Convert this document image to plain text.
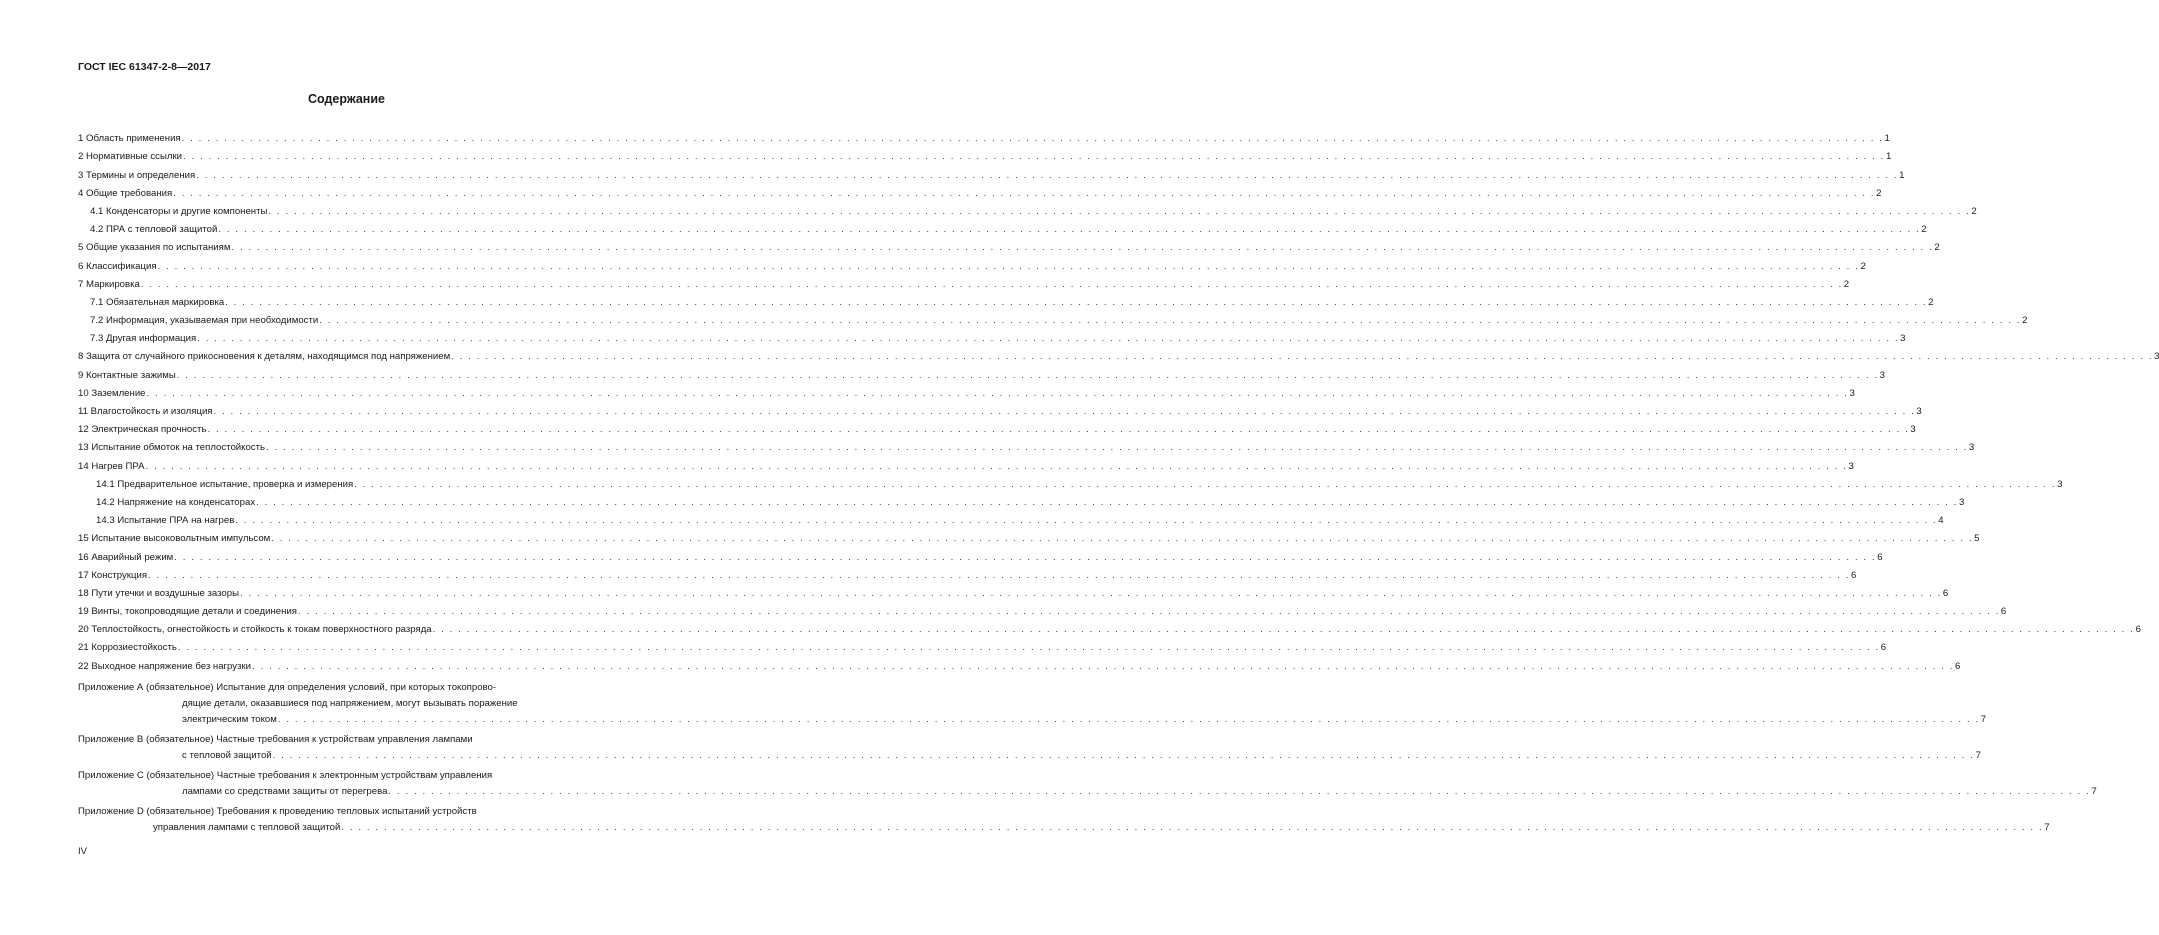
ГОСТ IEC 61347-2-8—2017
Содержание
1 Область применения . . . . . . . . . . . . . . . . . . . . . . . . . . . . . . . . . . . . . . . . . . . . . . . . . . . . . . . . . . . . . . . . . . . . . . . . . . . . . . . . . . . . . . . . . . . . . . . . . . . . . . . . . . . . . . . . . . . . . . . . . . . . . . . . . . . . . . . . . . . . . . . . . . . . . . . . . . . . . . . . . . . . . . . . . . . . . . . . . . . . . . . . . . . . . . . . . . . . . . . . 1
2 Нормативные ссылки . . . . . . . . . . . . . . . . . . . . . . . . . . . . . . . . . . . . . . . . . . . . . . . . . . . . . . . . . . . . . . . . . . . . . . . . . . . . . . . . . . . . . . . . . . . . . . . . . . . . . . . . . . . . . . . . . . . . . . . . . . . . . . . . . . . . . . . . . . . . . . . . . . . . . . . . . . . . . . . . . . . . . . . . . . . . . . . . . . . . . . . . . . . . . . . . . . . . . . . . 1
3 Термины и определения . . . . . . . . . . . . . . . . . . . . . . . . . . . . . . . . . . . . . . . . . . . . . . . . . . . . . . . . . . . . . . . . . . . . . . . . . . . . . . . . . . . . . . . . . . . . . . . . . . . . . . . . . . . . . . . . . . . . . . . . . . . . . . . . . . . . . . . . . . . . . . . . . . . . . . . . . . . . . . . . . . . . . . . . . . . . . . . . . . . . . . . . . . . . . . . . . . . . . . . . 1
4 Общие требования . . . . . . . . . . . . . . . . . . . . . . . . . . . . . . . . . . . . . . . . . . . . . . . . . . . . . . . . . . . . . . . . . . . . . . . . . . . . . . . . . . . . . . . . . . . . . . . . . . . . . . . . . . . . . . . . . . . . . . . . . . . . . . . . . . . . . . . . . . . . . . . . . . . . . . . . . . . . . . . . . . . . . . . . . . . . . . . . . . . . . . . . . . . . . . . . . . . . . . . . 2
4.1 Конденсаторы и другие компоненты . . . . . . . . . . . . . . . . . . . . . . . . . . . . . . . . . . . . . . . . . . . . . . . . . . . . . . . . . . . . . . . . . . . . . . . . . . . . . . . . . . . . . . . . . . . . . . . . . . . . . . . . . . . . . . . . . . . . . . . . . . . . . . . . . . . . . . . . . . . . . . . . . . . . . . . . . . . . . . . . . . . . . . . . . . . . . . . . . . . . . . . . . . . . . . . . . . . . . . . . 2
4.2 ПРА с тепловой защитой . . . . . . . . . . . . . . . . . . . . . . . . . . . . . . . . . . . . . . . . . . . . . . . . . . . . . . . . . . . . . . . . . . . . . . . . . . . . . . . . . . . . . . . . . . . . . . . . . . . . . . . . . . . . . . . . . . . . . . . . . . . . . . . . . . . . . . . . . . . . . . . . . . . . . . . . . . . . . . . . . . . . . . . . . . . . . . . . . . . . . . . . . . . . . . . . . . . . . . . . 2
5 Общие указания по испытаниям . . . . . . . . . . . . . . . . . . . . . . . . . . . . . . . . . . . . . . . . . . . . . . . . . . . . . . . . . . . . . . . . . . . . . . . . . . . . . . . . . . . . . . . . . . . . . . . . . . . . . . . . . . . . . . . . . . . . . . . . . . . . . . . . . . . . . . . . . . . . . . . . . . . . . . . . . . . . . . . . . . . . . . . . . . . . . . . . . . . . . . . . . . . . . . . . . . . . . . . . 2
6 Классификация . . . . . . . . . . . . . . . . . . . . . . . . . . . . . . . . . . . . . . . . . . . . . . . . . . . . . . . . . . . . . . . . . . . . . . . . . . . . . . . . . . . . . . . . . . . . . . . . . . . . . . . . . . . . . . . . . . . . . . . . . . . . . . . . . . . . . . . . . . . . . . . . . . . . . . . . . . . . . . . . . . . . . . . . . . . . . . . . . . . . . . . . . . . . . . . . . . . . . . . . 2
7 Маркировка . . . . . . . . . . . . . . . . . . . . . . . . . . . . . . . . . . . . . . . . . . . . . . . . . . . . . . . . . . . . . . . . . . . . . . . . . . . . . . . . . . . . . . . . . . . . . . . . . . . . . . . . . . . . . . . . . . . . . . . . . . . . . . . . . . . . . . . . . . . . . . . . . . . . . . . . . . . . . . . . . . . . . . . . . . . . . . . . . . . . . . . . . . . . . . . . . . . . . . . . 2
7.1 Обязательная маркировка . . . . . . . . . . . . . . . . . . . . . . . . . . . . . . . . . . . . . . . . . . . . . . . . . . . . . . . . . . . . . . . . . . . . . . . . . . . . . . . . . . . . . . . . . . . . . . . . . . . . . . . . . . . . . . . . . . . . . . . . . . . . . . . . . . . . . . . . . . . . . . . . . . . . . . . . . . . . . . . . . . . . . . . . . . . . . . . . . . . . . . . . . . . . . . . . . . . . . . . . 2
7.2 Информация, указываемая при необходимости . . . . . . . . . . . . . . . . . . . . . . . . . . . . . . . . . . . . . . . . . . . . . . . . . . . . . . . . . . . . . . . . . . . . . . . . . . . . . . . . . . . . . . . . . . . . . . . . . . . . . . . . . . . . . . . . . . . . . . . . . . . . . . . . . . . . . . . . . . . . . . . . . . . . . . . . . . . . . . . . . . . . . . . . . . . . . . . . . . . . . . . . . . . . . . . . . . . . . . . . 2
7.3 Другая информация . . . . . . . . . . . . . . . . . . . . . . . . . . . . . . . . . . . . . . . . . . . . . . . . . . . . . . . . . . . . . . . . . . . . . . . . . . . . . . . . . . . . . . . . . . . . . . . . . . . . . . . . . . . . . . . . . . . . . . . . . . . . . . . . . . . . . . . . . . . . . . . . . . . . . . . . . . . . . . . . . . . . . . . . . . . . . . . . . . . . . . . . . . . . . . . . . . . . . . . . 3
8 Защита от случайного прикосновения к деталям, находящимся под напряжением . . . . . . . . . . . . . . . . . . . . . . . . . . . . . . . . . . . . . . . . . . . . . . . . . . . . . . . . . . . . . . . . . . . . . . . . . . . . . . . . . . . . . . . . . . . . . . . . . . . . . . . . . . . . . . . . . . . . . . . . . . . . . . . . . . . . . . . . . . . . . . . . . . . . . . . . . . . . . . . . . . . . . . . . . . . . . . . . . . . . . . . . . . . . . . . . . . . . . . . . 3
9 Контактные зажимы . . . . . . . . . . . . . . . . . . . . . . . . . . . . . . . . . . . . . . . . . . . . . . . . . . . . . . . . . . . . . . . . . . . . . . . . . . . . . . . . . . . . . . . . . . . . . . . . . . . . . . . . . . . . . . . . . . . . . . . . . . . . . . . . . . . . . . . . . . . . . . . . . . . . . . . . . . . . . . . . . . . . . . . . . . . . . . . . . . . . . . . . . . . . . . . . . . . . . . . . 3
10 Заземление . . . . . . . . . . . . . . . . . . . . . . . . . . . . . . . . . . . . . . . . . . . . . . . . . . . . . . . . . . . . . . . . . . . . . . . . . . . . . . . . . . . . . . . . . . . . . . . . . . . . . . . . . . . . . . . . . . . . . . . . . . . . . . . . . . . . . . . . . . . . . . . . . . . . . . . . . . . . . . . . . . . . . . . . . . . . . . . . . . . . . . . . . . . . . . . . . . . . . . . . 3
11 Влагостойкость и изоляция . . . . . . . . . . . . . . . . . . . . . . . . . . . . . . . . . . . . . . . . . . . . . . . . . . . . . . . . . . . . . . . . . . . . . . . . . . . . . . . . . . . . . . . . . . . . . . . . . . . . . . . . . . . . . . . . . . . . . . . . . . . . . . . . . . . . . . . . . . . . . . . . . . . . . . . . . . . . . . . . . . . . . . . . . . . . . . . . . . . . . . . . . . . . . . . . . . . . . . . . 3
12 Электрическая прочность . . . . . . . . . . . . . . . . . . . . . . . . . . . . . . . . . . . . . . . . . . . . . . . . . . . . . . . . . . . . . . . . . . . . . . . . . . . . . . . . . . . . . . . . . . . . . . . . . . . . . . . . . . . . . . . . . . . . . . . . . . . . . . . . . . . . . . . . . . . . . . . . . . . . . . . . . . . . . . . . . . . . . . . . . . . . . . . . . . . . . . . . . . . . . . . . . . . . . . . . 3
13 Испытание обмоток на теплостойкость . . . . . . . . . . . . . . . . . . . . . . . . . . . . . . . . . . . . . . . . . . . . . . . . . . . . . . . . . . . . . . . . . . . . . . . . . . . . . . . . . . . . . . . . . . . . . . . . . . . . . . . . . . . . . . . . . . . . . . . . . . . . . . . . . . . . . . . . . . . . . . . . . . . . . . . . . . . . . . . . . . . . . . . . . . . . . . . . . . . . . . . . . . . . . . . . . . . . . . . . 3
14 Нагрев ПРА . . . . . . . . . . . . . . . . . . . . . . . . . . . . . . . . . . . . . . . . . . . . . . . . . . . . . . . . . . . . . . . . . . . . . . . . . . . . . . . . . . . . . . . . . . . . . . . . . . . . . . . . . . . . . . . . . . . . . . . . . . . . . . . . . . . . . . . . . . . . . . . . . . . . . . . . . . . . . . . . . . . . . . . . . . . . . . . . . . . . . . . . . . . . . . . . . . . . . . . . 3
14.1 Предварительное испытание, проверка и измерения . . . . . . . . . . . . . . . . . . . . . . . . . . . . . . . . . . . . . . . . . . . . . . . . . . . . . . . . . . . . . . . . . . . . . . . . . . . . . . . . . . . . . . . . . . . . . . . . . . . . . . . . . . . . . . . . . . . . . . . . . . . . . . . . . . . . . . . . . . . . . . . . . . . . . . . . . . . . . . . . . . . . . . . . . . . . . . . . . . . . . . . . . . . . . . . . . . . . . . . . 3
14.2 Напряжение на конденсаторах . . . . . . . . . . . . . . . . . . . . . . . . . . . . . . . . . . . . . . . . . . . . . . . . . . . . . . . . . . . . . . . . . . . . . . . . . . . . . . . . . . . . . . . . . . . . . . . . . . . . . . . . . . . . . . . . . . . . . . . . . . . . . . . . . . . . . . . . . . . . . . . . . . . . . . . . . . . . . . . . . . . . . . . . . . . . . . . . . . . . . . . . . . . . . . . . . . . . . . . . 3
14.3 Испытание ПРА на нагрев . . . . . . . . . . . . . . . . . . . . . . . . . . . . . . . . . . . . . . . . . . . . . . . . . . . . . . . . . . . . . . . . . . . . . . . . . . . . . . . . . . . . . . . . . . . . . . . . . . . . . . . . . . . . . . . . . . . . . . . . . . . . . . . . . . . . . . . . . . . . . . . . . . . . . . . . . . . . . . . . . . . . . . . . . . . . . . . . . . . . . . . . . . . . . . . . . . . . . . . . 4
15 Испытание высоковольтным импульсом . . . . . . . . . . . . . . . . . . . . . . . . . . . . . . . . . . . . . . . . . . . . . . . . . . . . . . . . . . . . . . . . . . . . . . . . . . . . . . . . . . . . . . . . . . . . . . . . . . . . . . . . . . . . . . . . . . . . . . . . . . . . . . . . . . . . . . . . . . . . . . . . . . . . . . . . . . . . . . . . . . . . . . . . . . . . . . . . . . . . . . . . . . . . . . . . . . . . . . . . 5
16 Аварийный режим . . . . . . . . . . . . . . . . . . . . . . . . . . . . . . . . . . . . . . . . . . . . . . . . . . . . . . . . . . . . . . . . . . . . . . . . . . . . . . . . . . . . . . . . . . . . . . . . . . . . . . . . . . . . . . . . . . . . . . . . . . . . . . . . . . . . . . . . . . . . . . . . . . . . . . . . . . . . . . . . . . . . . . . . . . . . . . . . . . . . . . . . . . . . . . . . . . . . . . . . 6
17 Конструкция . . . . . . . . . . . . . . . . . . . . . . . . . . . . . . . . . . . . . . . . . . . . . . . . . . . . . . . . . . . . . . . . . . . . . . . . . . . . . . . . . . . . . . . . . . . . . . . . . . . . . . . . . . . . . . . . . . . . . . . . . . . . . . . . . . . . . . . . . . . . . . . . . . . . . . . . . . . . . . . . . . . . . . . . . . . . . . . . . . . . . . . . . . . . . . . . . . . . . . . . 6
18 Пути утечки и воздушные зазоры . . . . . . . . . . . . . . . . . . . . . . . . . . . . . . . . . . . . . . . . . . . . . . . . . . . . . . . . . . . . . . . . . . . . . . . . . . . . . . . . . . . . . . . . . . . . . . . . . . . . . . . . . . . . . . . . . . . . . . . . . . . . . . . . . . . . . . . . . . . . . . . . . . . . . . . . . . . . . . . . . . . . . . . . . . . . . . . . . . . . . . . . . . . . . . . . . . . . . . . . 6
19 Винты, токопроводящие детали и соединения . . . . . . . . . . . . . . . . . . . . . . . . . . . . . . . . . . . . . . . . . . . . . . . . . . . . . . . . . . . . . . . . . . . . . . . . . . . . . . . . . . . . . . . . . . . . . . . . . . . . . . . . . . . . . . . . . . . . . . . . . . . . . . . . . . . . . . . . . . . . . . . . . . . . . . . . . . . . . . . . . . . . . . . . . . . . . . . . . . . . . . . . . . . . . . . . . . . . . . . . 6
20 Теплостойкость, огнестойкость и стойкость к токам поверхностного разряда . . . . . . . . . . . . . . . . . . . . . . . . . . . . . . . . . . . . . . . . . . . . . . . . . . . . . . . . . . . . . . . . . . . . . . . . . . . . . . . . . . . . . . . . . . . . . . . . . . . . . . . . . . . . . . . . . . . . . . . . . . . . . . . . . . . . . . . . . . . . . . . . . . . . . . . . . . . . . . . . . . . . . . . . . . . . . . . . . . . . . . . . . . . . . . . . . . . . . . . . 6
21 Коррозиестойкость . . . . . . . . . . . . . . . . . . . . . . . . . . . . . . . . . . . . . . . . . . . . . . . . . . . . . . . . . . . . . . . . . . . . . . . . . . . . . . . . . . . . . . . . . . . . . . . . . . . . . . . . . . . . . . . . . . . . . . . . . . . . . . . . . . . . . . . . . . . . . . . . . . . . . . . . . . . . . . . . . . . . . . . . . . . . . . . . . . . . . . . . . . . . . . . . . . . . . . . . 6
22 Выходное напряжение без нагрузки . . . . . . . . . . . . . . . . . . . . . . . . . . . . . . . . . . . . . . . . . . . . . . . . . . . . . . . . . . . . . . . . . . . . . . . . . . . . . . . . . . . . . . . . . . . . . . . . . . . . . . . . . . . . . . . . . . . . . . . . . . . . . . . . . . . . . . . . . . . . . . . . . . . . . . . . . . . . . . . . . . . . . . . . . . . . . . . . . . . . . . . . . . . . . . . . . . . . . . . . 6
Приложение А (обязательное) Испытание для определения условий, при которых токопрово-
дящие детали, оказавшиеся под напряжением, могут вызывать поражение
электрическим током . . . . . . . . . . . . . . . . . . . . . . . . . . . . . . . . . . . . . . . . . . . . . . . . . . . . . . . . . . . . . . . . . . . . . . . . . . . . . . . . . . . . . . . . . . . . . . . . . . . . . . . . . . . . . . . . . . . . . . . . . . . . . . . . . . . . . . . . . . . . . . . . . . . . . . . . . . . . . . . . . . . . . . . . . . . . . . . . . . . . . . . . . . . . . . . . . . . . . . . . 7
Приложение В (обязательное) Частные требования к устройствам управления лампами
с тепловой защитой . . . . . . . . . . . . . . . . . . . . . . . . . . . . . . . . . . . . . . . . . . . . . . . . . . . . . . . . . . . . . . . . . . . . . . . . . . . . . . . . . . . . . . . . . . . . . . . . . . . . . . . . . . . . . . . . . . . . . . . . . . . . . . . . . . . . . . . . . . . . . . . . . . . . . . . . . . . . . . . . . . . . . . . . . . . . . . . . . . . . . . . . . . . . . . . . . . . . . . . . 7
Приложение С (обязательное) Частные требования к электронным устройствам управления
лампами со средствами защиты от перегрева . . . . . . . . . . . . . . . . . . . . . . . . . . . . . . . . . . . . . . . . . . . . . . . . . . . . . . . . . . . . . . . . . . . . . . . . . . . . . . . . . . . . . . . . . . . . . . . . . . . . . . . . . . . . . . . . . . . . . . . . . . . . . . . . . . . . . . . . . . . . . . . . . . . . . . . . . . . . . . . . . . . . . . . . . . . . . . . . . . . . . . . . . . . . . . . . . . . . . . . . 7
Приложение D (обязательное) Требования к проведению тепловых испытаний устройств
управления лампами с тепловой защитой . . . . . . . . . . . . . . . . . . . . . . . . . . . . . . . . . . . . . . . . . . . . . . . . . . . . . . . . . . . . . . . . . . . . . . . . . . . . . . . . . . . . . . . . . . . . . . . . . . . . . . . . . . . . . . . . . . . . . . . . . . . . . . . . . . . . . . . . . . . . . . . . . . . . . . . . . . . . . . . . . . . . . . . . . . . . . . . . . . . . . . . . . . . . . . . . . . . . . . . . 7
IV
